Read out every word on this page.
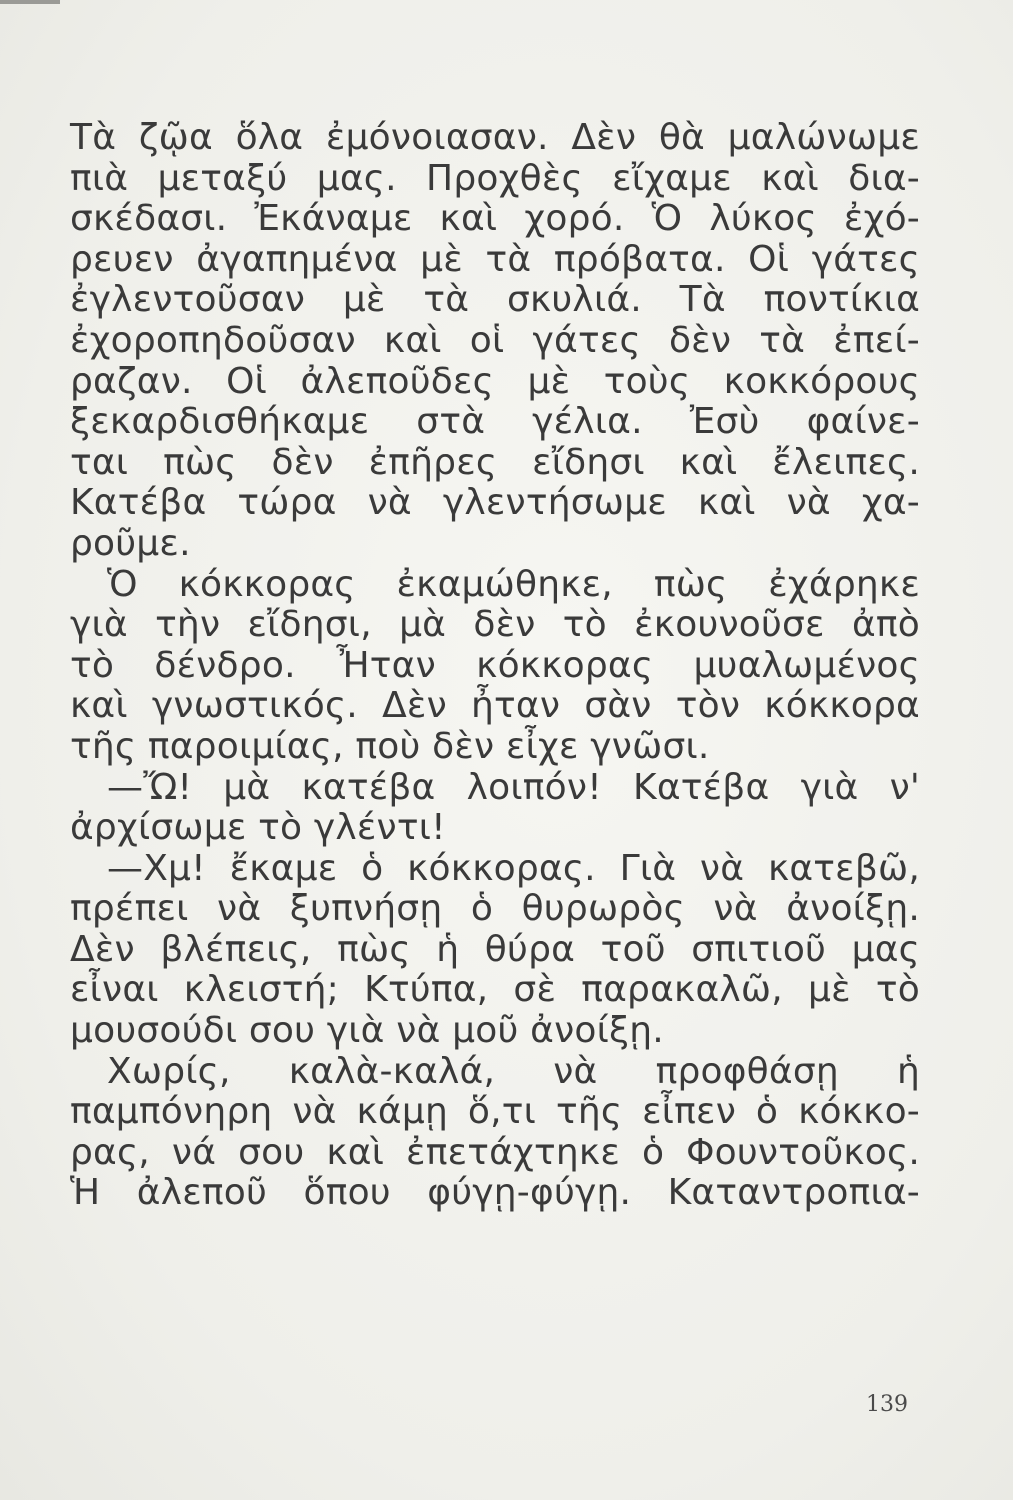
Τὰ ζῷα ὅλα ἐμόνοιασαν. Δὲν θὰ μαλώνωμε
πιὰ μεταξύ μας. Προχθὲς εἴχαμε καὶ δια-
σκέδασι. Ἐκάναμε καὶ χορό. Ὁ λύκος ἐχό-
ρευεν ἀγαπημένα μὲ τὰ πρόβατα. Οἱ γάτες
ἐγλεντοῦσαν μὲ τὰ σκυλιά. Τὰ ποντίκια
ἐχοροπηδοῦσαν καὶ οἱ γάτες δὲν τὰ ἐπεί-
ραζαν. Οἱ ἀλεποῦδες μὲ τοὺς κοκκόρους
ξεκαρδισθήκαμε στὰ γέλια. Ἐσὺ φαίνε-
ται πὼς δὲν ἐπῆρες εἴδησι καὶ ἔλειπες.
Κατέβα τώρα νὰ γλεντήσωμε καὶ νὰ χα-
ροῦμε.
Ὁ κόκκορας ἐκαμώθηκε, πὼς ἐχάρηκε
γιὰ τὴν εἴδησι, μὰ δὲν τὸ ἐκουνοῦσε ἀπὸ
τὸ δένδρο. Ἦταν κόκκορας μυαλωμένος
καὶ γνωστικός. Δὲν ἦταν σὰν τὸν κόκκορα
τῆς παροιμίας, ποὺ δὲν εἶχε γνῶσι.
—Ὤ! μὰ κατέβα λοιπόν! Κατέβα γιὰ ν'
ἀρχίσωμε τὸ γλέντι!
—Χμ! ἔκαμε ὁ κόκκορας. Γιὰ νὰ κατεβῶ,
πρέπει νὰ ξυπνήσῃ ὁ θυρωρὸς νὰ ἀνοίξῃ.
Δὲν βλέπεις, πὼς ἡ θύρα τοῦ σπιτιοῦ μας
εἶναι κλειστή; Κτύπα, σὲ παρακαλῶ, μὲ τὸ
μουσούδι σου γιὰ νὰ μοῦ ἀνοίξῃ.
Χωρίς, καλὰ-καλά, νὰ προφθάσῃ ἡ
παμπόνηρη νὰ κάμῃ ὅ,τι τῆς εἶπεν ὁ κόκκο-
ρας, νά σου καὶ ἐπετάχτηκε ὁ Φουντοῦκος.
Ἡ ἀλεποῦ ὅπου φύγῃ-φύγῃ. Καταντροπια-
139
